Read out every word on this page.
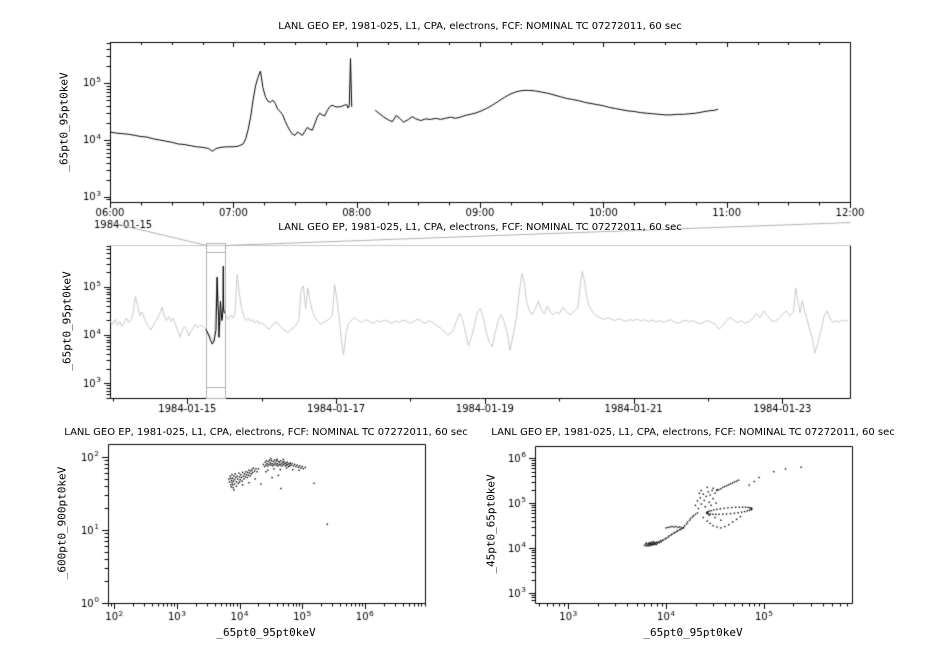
LANL GEO EP, 1981-025, L1, CPA, electrons, FCF: NOMINAL TC 07272011, 60 sec
LANL GEO EP, 1981-025, L1, CPA, electrons, FCF: NOMINAL TC 07272011, 60 sec
LANL GEO EP, 1981-025, L1, CPA, electrons, FCF: NOMINAL TC 07272011, 60 sec LANL GEO EP, 1981-025, L1, CPA, electrons, FCF: NOMINAL TC 07272011, 60 sec
_65pt0_95pt0keV
_65pt0_95pt0keV
_600pt0_900pt0keV	_45pt0_65pt0keV
_65pt0_95pt0keV	_65pt0_95pt0keV
